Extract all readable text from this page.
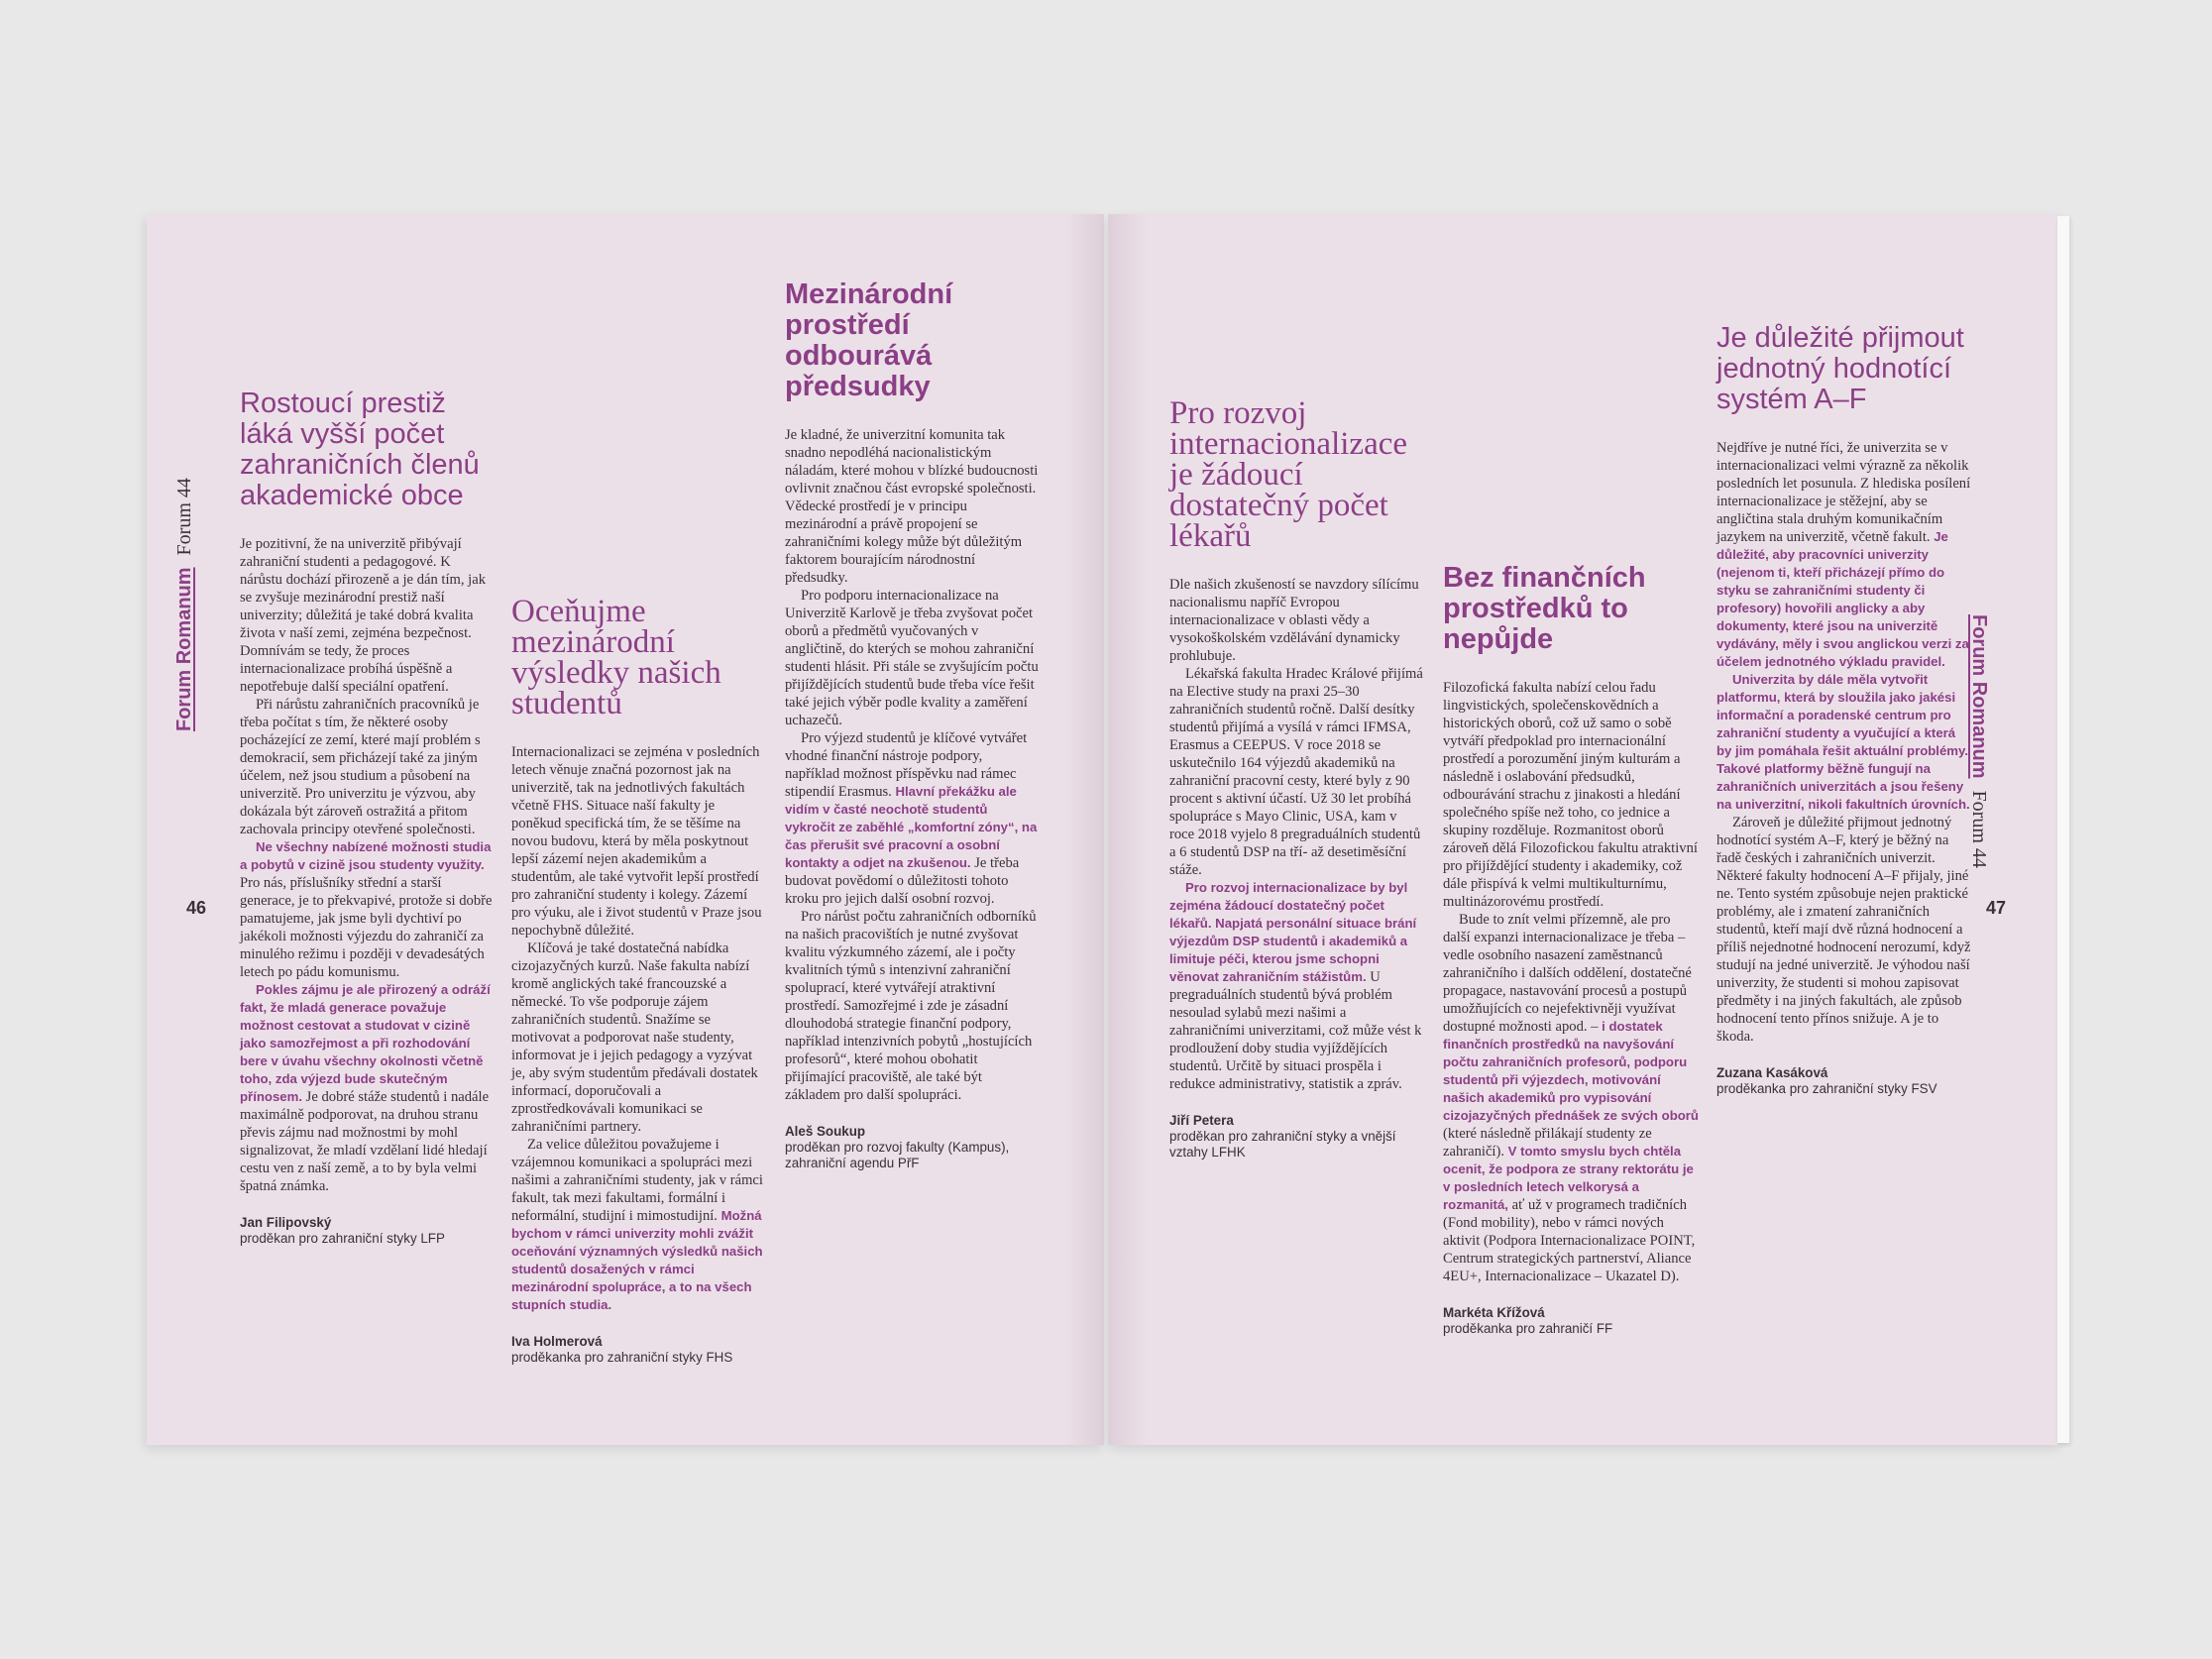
Forum RomanumForum 44
46
Forum RomanumForum 44
47
Rostoucí prestiž láká vyšší počet zahraničních členů akademické obce

Je pozitivní, že na univerzitě přibývají zahraniční studenti a pedagogové. K nárůstu dochází přirozeně a je dán tím, jak se zvyšuje mezinárodní prestiž naší univerzity; důležitá je také dobrá kvalita života v naší zemi, zejména bezpečnost. Domnívám se tedy, že proces internacionalizace probíhá úspěšně a nepotřebuje další speciální opatření.

Při nárůstu zahraničních pracovníků je třeba počítat s tím, že některé osoby pocházející ze zemí, které mají problém s demokracií, sem přicházejí také za jiným účelem, než jsou studium a působení na univerzitě. Pro univerzitu je výzvou, aby dokázala být zároveň ostražitá a přitom zachovala principy otevřené společnosti.

Ne všechny nabízené možnosti studia a pobytů v cizině jsou studenty využity. Pro nás, příslušníky střední a starší generace, je to překvapivé, protože si dobře pamatujeme, jak jsme byli dychtiví po jakékoli možnosti výjezdu do zahraničí za minulého režimu i později v devadesátých letech po pádu komunismu.

Pokles zájmu je ale přirozený a odráží fakt, že mladá generace považuje možnost cestovat a studovat v cizině jako samozřejmost a při rozhodování bere v úvahu všechny okolnosti včetně toho, zda výjezd bude skutečným přínosem. Je dobré stáže studentů i nadále maximálně podporovat, na druhou stranu převis zájmu nad možnostmi by mohl signalizovat, že mladí vzdělaní lidé hledají cestu ven z naší země, a to by byla velmi špatná známka.

Jan Filipovský
proděkan pro zahraniční styky LFP
Oceňujme mezinárodní výsledky našich studentů

Internacionalizaci se zejména v posledních letech věnuje značná pozornost jak na univerzitě, tak na jednotlivých fakultách včetně FHS. Situace naší fakulty je poněkud specifická tím, že se těšíme na novou budovu, která by měla poskytnout lepší zázemí nejen akademikům a studentům, ale také vytvořit lepší prostředí pro zahraniční studenty i kolegy. Zázemí pro výuku, ale i život studentů v Praze jsou nepochybně důležité.

Klíčová je také dostatečná nabídka cizojazyčných kurzů. Naše fakulta nabízí kromě anglických také francouzské a německé. To vše podporuje zájem zahraničních studentů. Snažíme se motivovat a podporovat naše studenty, informovat je i jejich pedagogy a vyzývat je, aby svým studentům předávali dostatek informací, doporučovali a zprostředkovávali komunikaci se zahraničními partnery.

Za velice důležitou považujeme i vzájemnou komunikaci a spolupráci mezi našimi a zahraničními studenty, jak v rámci fakult, tak mezi fakultami, formální i neformální, studijní i mimostudijní. Možná bychom v rámci univerzity mohli zvážit oceňování významných výsledků našich studentů dosažených v rámci mezinárodní spolupráce, a to na všech stupních studia.

Iva Holmerová
proděkanka pro zahraniční styky FHS
Mezinárodní prostředí odbourává předsudky

Je kladné, že univerzitní komunita tak snadno nepodléhá nacionalistickým náladám, které mohou v blízké budoucnosti ovlivnit značnou část evropské společnosti. Vědecké prostředí je v principu mezinárodní a právě propojení se zahraničními kolegy může být důležitým faktorem bourajícím národnostní předsudky.

Pro podporu internacionalizace na Univerzitě Karlově je třeba zvyšovat počet oborů a předmětů vyučovaných v angličtině, do kterých se mohou zahraniční studenti hlásit. Při stále se zvyšujícím počtu přijíždějících studentů bude třeba více řešit také jejich výběr podle kvality a zaměření uchazečů.

Pro výjezd studentů je klíčové vytvářet vhodné finanční nástroje podpory, například možnost příspěvku nad rámec stipendií Erasmus. Hlavní překážku ale vidím v časté neochotě studentů vykročit ze zaběhlé „komfortní zóny“, na čas přerušit své pracovní a osobní kontakty a odjet na zkušenou. Je třeba budovat povědomí o důležitosti tohoto kroku pro jejich další osobní rozvoj.

Pro nárůst počtu zahraničních odborníků na našich pracovištích je nutné zvyšovat kvalitu výzkumného zázemí, ale i počty kvalitních týmů s intenzivní zahraniční spoluprací, které vytvářejí atraktivní prostředí. Samozřejmé i zde je zásadní dlouhodobá strategie finanční podpory, například intenzivních pobytů „hostujících profesorů“, které mohou obohatit přijímající pracoviště, ale také být základem pro další spolupráci.

Aleš Soukup
proděkan pro rozvoj fakulty (Kampus), zahraniční agendu PřF
Pro rozvoj internacionalizace je žádoucí dostatečný počet lékařů

Dle našich zkušeností se navzdory sílícímu nacionalismu napříč Evropou internacionalizace v oblasti vědy a vysokoškolském vzdělávání dynamicky prohlubuje.

Lékařská fakulta Hradec Králové přijímá na Elective study na praxi 25–30 zahraničních studentů ročně. Další desítky studentů přijímá a vysílá v rámci IFMSA, Erasmus a CEEPUS. V roce 2018 se uskutečnilo 164 výjezdů akademiků na zahraniční pracovní cesty, které byly z 90 procent s aktivní účastí. Už 30 let probíhá spolupráce s Mayo Clinic, USA, kam v roce 2018 vyjelo 8 pregraduálních studentů a 6 studentů DSP na tří- až desetiměsíční stáže.

Pro rozvoj internacionalizace by byl zejména žádoucí dostatečný počet lékařů. Napjatá personální situace brání výjezdům DSP studentů i akademiků a limituje péči, kterou jsme schopni věnovat zahraničním stážistům. U pregraduálních studentů bývá problém nesoulad sylabů mezi našimi a zahraničními univerzitami, což může vést k prodloužení doby studia vyjíždějících studentů. Určitě by situaci prospěla i redukce administrativy, statistik a zpráv.

Jiří Petera
proděkan pro zahraniční styky a vnější vztahy LFHK
Bez finančních prostředků to nepůjde

Filozofická fakulta nabízí celou řadu lingvistických, společenskovědních a historických oborů, což už samo o sobě vytváří předpoklad pro internacionální prostředí a porozumění jiným kulturám a následně i oslabování předsudků, odbourávání strachu z jinakosti a hledání společného spíše než toho, co jednice a skupiny rozděluje. Rozmanitost oborů zároveň dělá Filozofickou fakultu atraktivní pro přijíždějící studenty i akademiky, což dále přispívá k velmi multikulturnímu, multinázorovému prostředí.

Bude to znít velmi přízemně, ale pro další expanzi internacionalizace je třeba – vedle osobního nasazení zaměstnanců zahraničního i dalších oddělení, dostatečné propagace, nastavování procesů a postupů umožňujících co nejefektivněji využívat dostupné možnosti apod. – i dostatek finančních prostředků na navyšování počtu zahraničních profesorů, podporu studentů při výjezdech, motivování našich akademiků pro vypisování cizojazyčných přednášek ze svých oborů (které následně přilákají studenty ze zahraničí). V tomto smyslu bych chtěla ocenit, že podpora ze strany rektorátu je v posledních letech velkorysá a rozmanitá, ať už v programech tradičních (Fond mobility), nebo v rámci nových aktivit (Podpora Internacionalizace POINT, Centrum strategických partnerství, Aliance 4EU+, Internacionalizace – Ukazatel D).

Markéta Křížová
proděkanka pro zahraničí FF
Je důležité přijmout jednotný hodnotící systém A–F

Nejdříve je nutné říci, že univerzita se v internacionalizaci velmi výrazně za několik posledních let posunula. Z hlediska posílení internacionalizace je stěžejní, aby se angličtina stala druhým komunikačním jazykem na univerzitě, včetně fakult. Je důležité, aby pracovníci univerzity (nejenom ti, kteří přicházejí přímo do styku se zahraničními studenty či profesory) hovořili anglicky a aby dokumenty, které jsou na univerzitě vydávány, měly i svou anglickou verzi za účelem jednotného výkladu pravidel.

Univerzita by dále měla vytvořit platformu, která by sloužila jako jakési informační a poradenské centrum pro zahraniční studenty a vyučující a která by jim pomáhala řešit aktuální problémy. Takové platformy běžně fungují na zahraničních univerzitách a jsou řešeny na univerzitní, nikoli fakultních úrovních.

Zároveň je důležité přijmout jednotný hodnotící systém A–F, který je běžný na řadě českých i zahraničních univerzit. Některé fakulty hodnocení A–F přijaly, jiné ne. Tento systém způsobuje nejen praktické problémy, ale i zmatení zahraničních studentů, kteří mají dvě různá hodnocení a příliš nejednotné hodnocení nerozumí, když studují na jedné univerzitě. Je výhodou naší univerzity, že studenti si mohou zapisovat předměty i na jiných fakultách, ale způsob hodnocení tento přínos snižuje. A je to škoda.

Zuzana Kasáková
proděkanka pro zahraniční styky FSV
